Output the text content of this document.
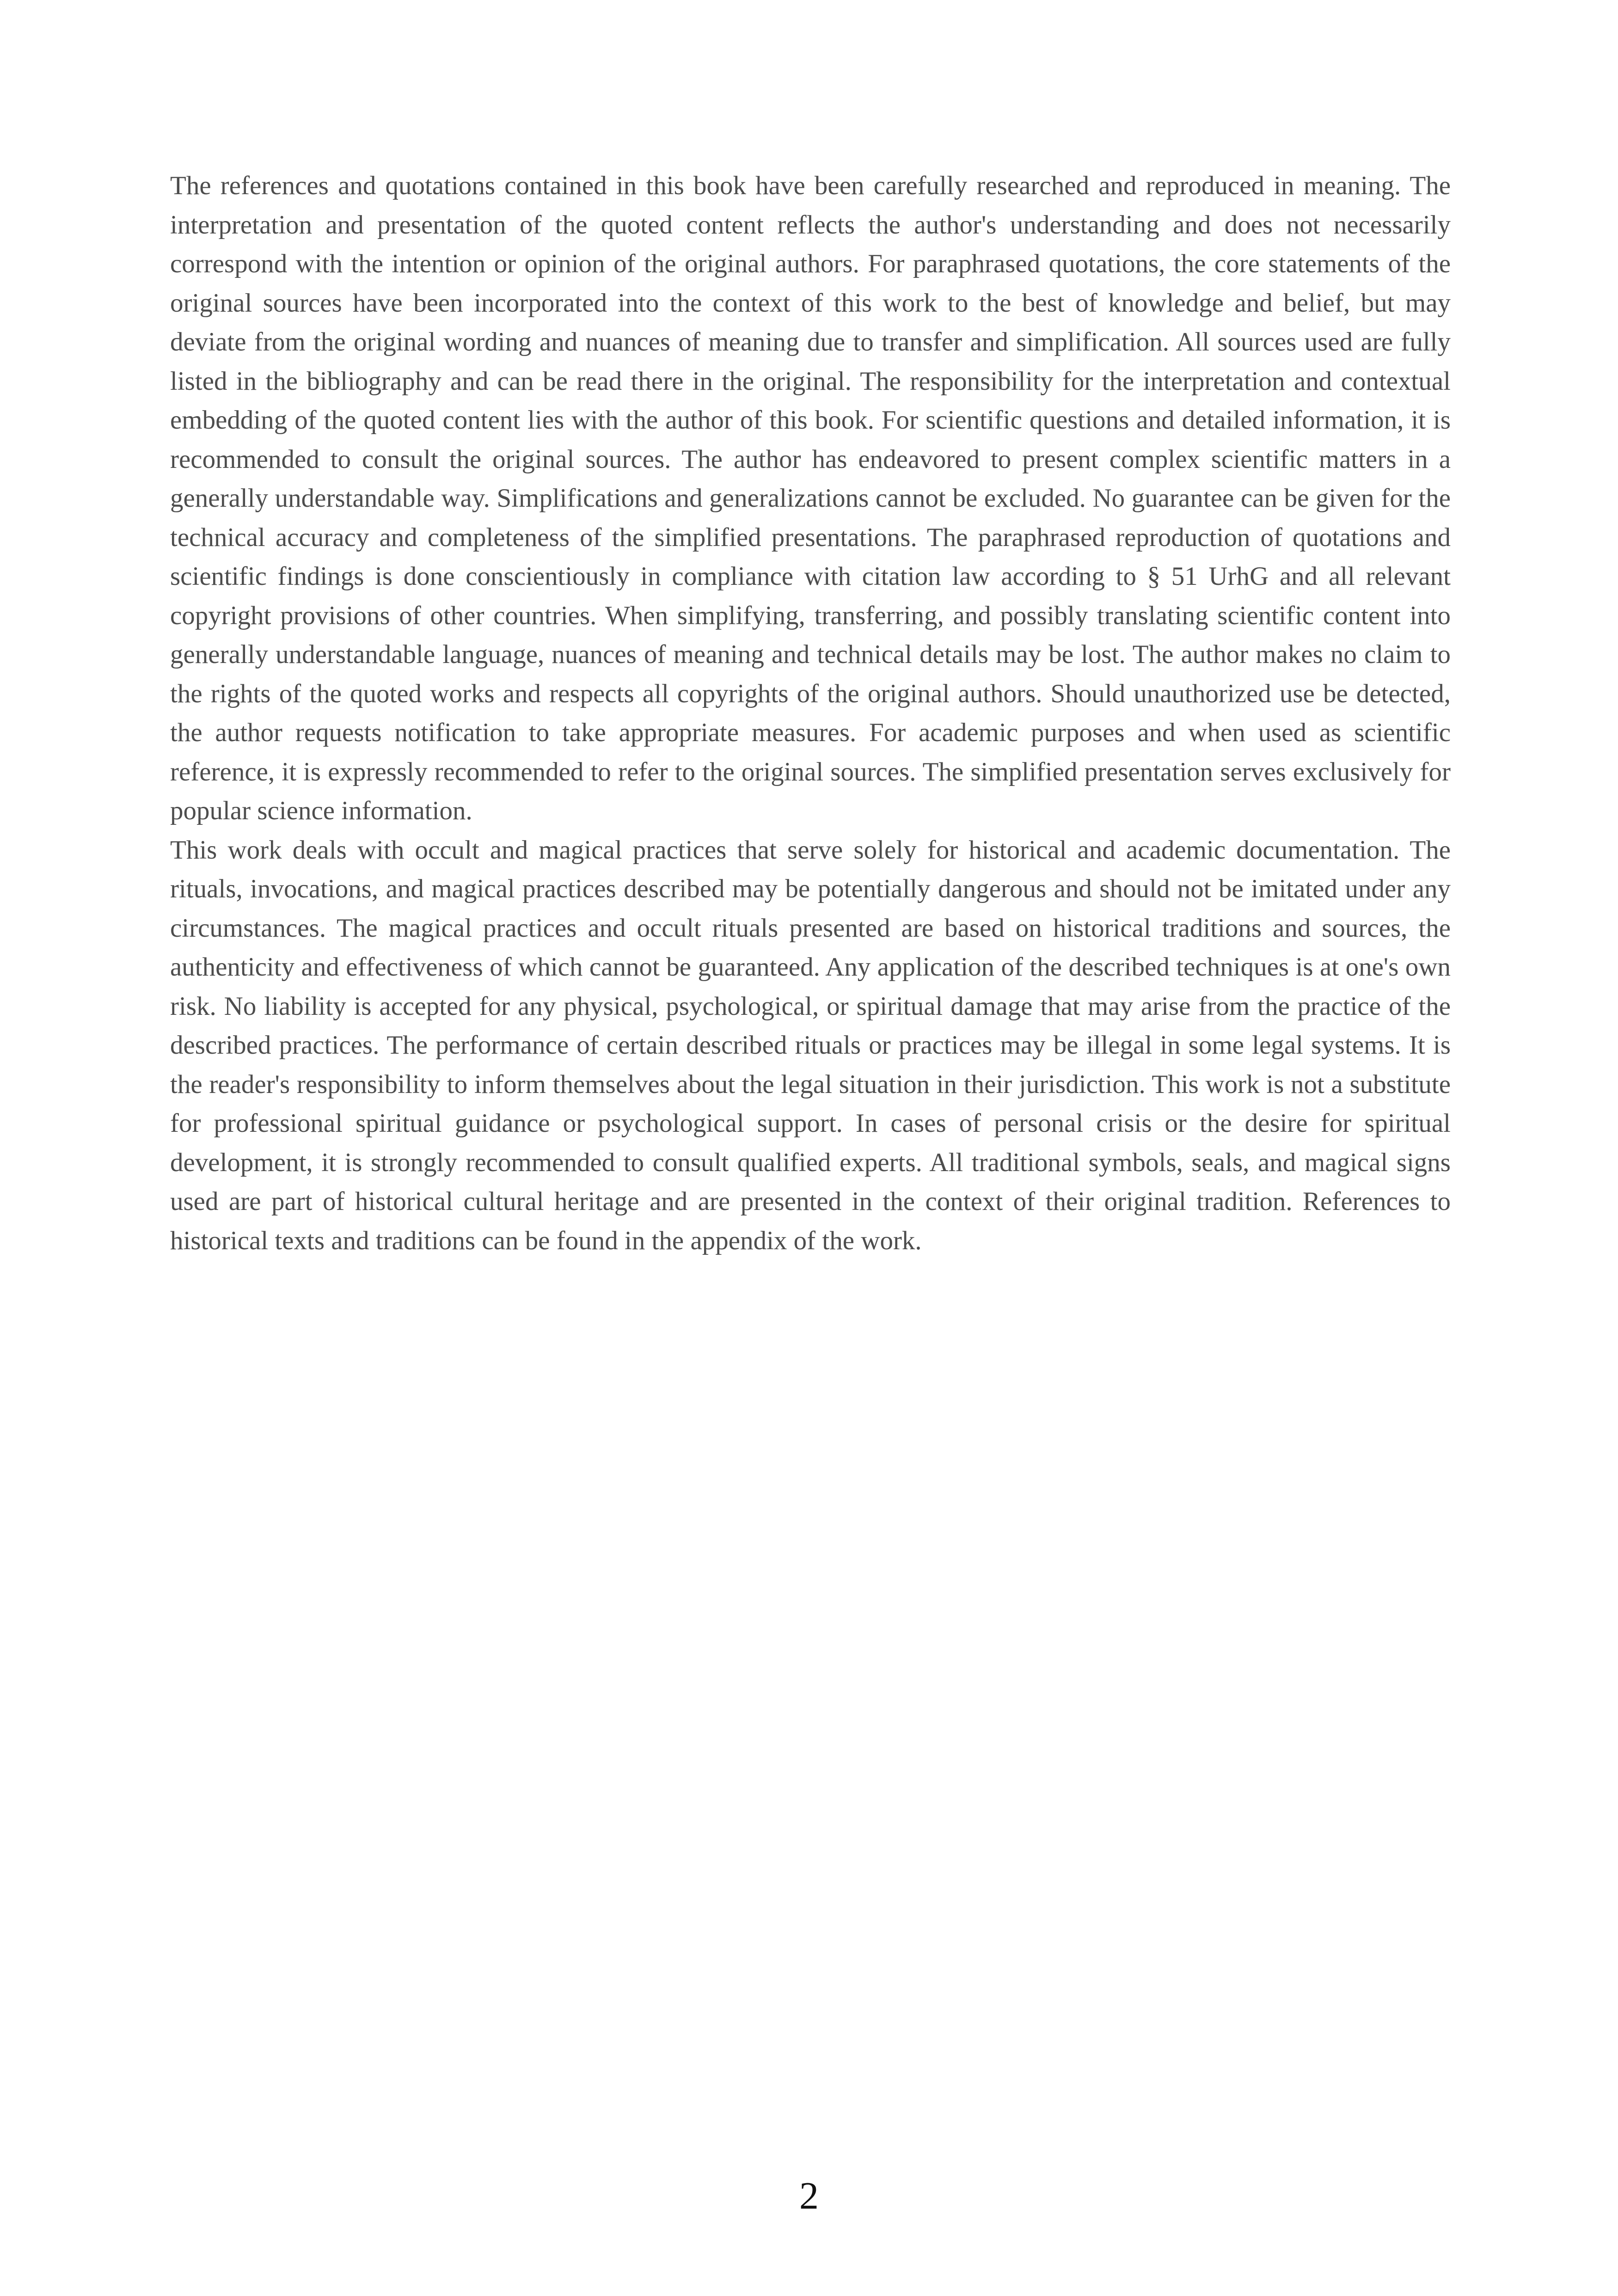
The references and quotations contained in this book have been carefully researched and reproduced in meaning. The interpretation and presentation of the quoted content reflects the author's understanding and does not necessarily correspond with the intention or opinion of the original authors. For paraphrased quotations, the core statements of the original sources have been incorporated into the context of this work to the best of knowledge and belief, but may deviate from the original wording and nuances of meaning due to transfer and simplification. All sources used are fully listed in the bibliography and can be read there in the original. The responsibility for the interpretation and contextual embedding of the quoted content lies with the author of this book. For scientific questions and detailed information, it is recommended to consult the original sources. The author has endeavored to present complex scientific matters in a generally understandable way. Simplifications and generalizations cannot be excluded. No guarantee can be given for the technical accuracy and completeness of the simplified presentations. The paraphrased reproduction of quotations and scientific findings is done conscientiously in compliance with citation law according to § 51 UrhG and all relevant copyright provisions of other countries. When simplifying, transferring, and possibly translating scientific content into generally understandable language, nuances of meaning and technical details may be lost. The author makes no claim to the rights of the quoted works and respects all copyrights of the original authors. Should unauthorized use be detected, the author requests notification to take appropriate measures. For academic purposes and when used as scientific reference, it is expressly recommended to refer to the original sources. The simplified presentation serves exclusively for popular science information.

This work deals with occult and magical practices that serve solely for historical and academic documentation. The rituals, invocations, and magical practices described may be potentially dangerous and should not be imitated under any circumstances. The magical practices and occult rituals presented are based on historical traditions and sources, the authenticity and effectiveness of which cannot be guaranteed. Any application of the described techniques is at one's own risk. No liability is accepted for any physical, psychological, or spiritual damage that may arise from the practice of the described practices. The performance of certain described rituals or practices may be illegal in some legal systems. It is the reader's responsibility to inform themselves about the legal situation in their jurisdiction. This work is not a substitute for professional spiritual guidance or psychological support. In cases of personal crisis or the desire for spiritual development, it is strongly recommended to consult qualified experts. All traditional symbols, seals, and magical signs used are part of historical cultural heritage and are presented in the context of their original tradition. References to historical texts and traditions can be found in the appendix of the work.

2
